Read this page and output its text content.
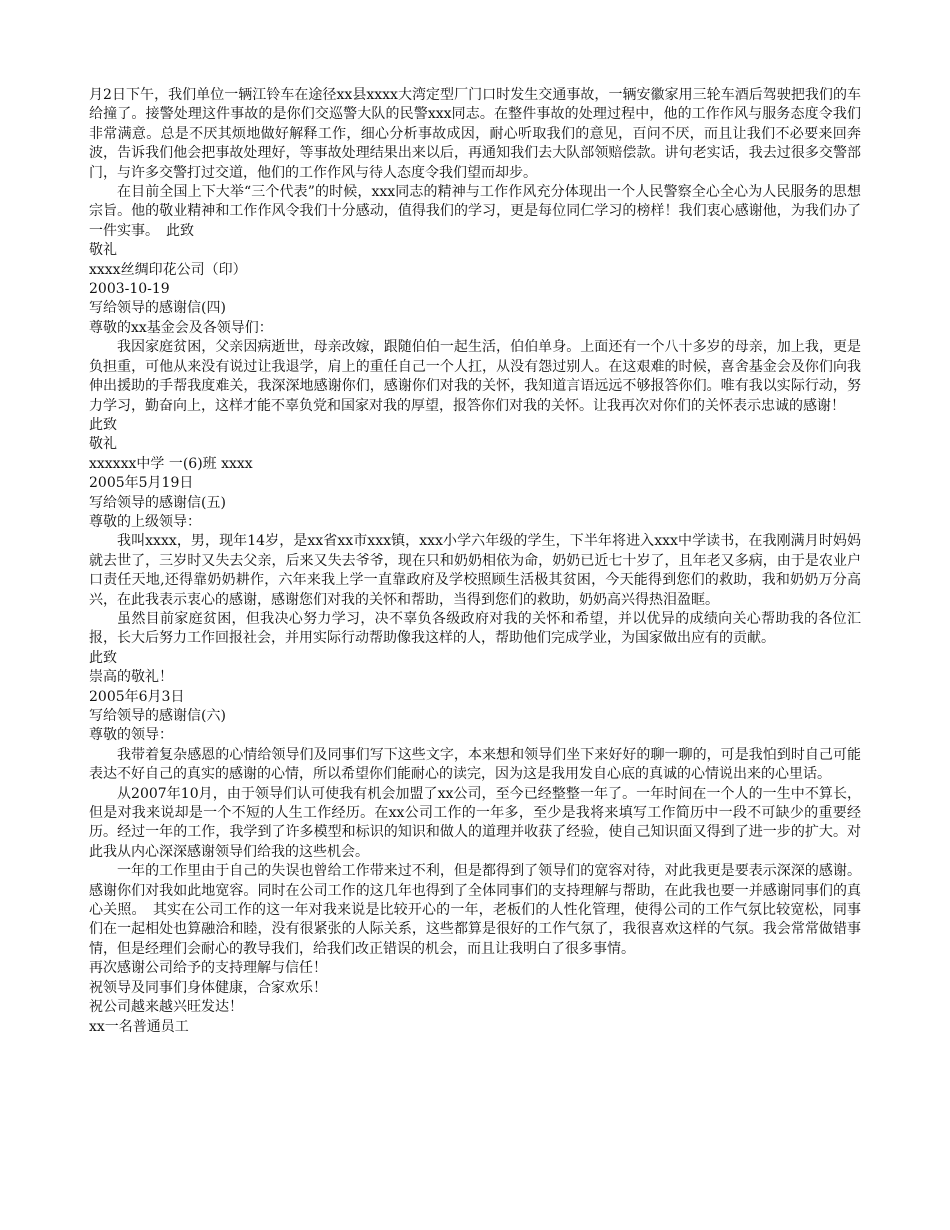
月2日下午，我们单位一辆江铃车在途径xx县xxxx大湾定型厂门口时发生交通事故，一辆安徽家用三轮车酒后驾驶把我们的车给撞了。接警处理这件事故的是你们交巡警大队的民警xxx同志。在整件事故的处理过程中，他的工作作风与服务态度令我们非常满意。总是不厌其烦地做好解释工作，细心分析事故成因，耐心听取我们的意见，百问不厌，而且让我们不必要来回奔波，告诉我们他会把事故处理好，等事故处理结果出来以后，再通知我们去大队部领赔偿款。讲句老实话，我去过很多交警部门，与许多交警打过交道，他们的工作作风与待人态度令我们望而却步。

在目前全国上下大举“三个代表”的时候，xxx同志的精神与工作作风充分体现出一个人民警察全心全心为人民服务的思想宗旨。他的敬业精神和工作作风令我们十分感动，值得我们的学习，更是每位同仁学习的榜样！我们衷心感谢他，为我们办了一件实事。　此致

敬礼

xxxx丝绸印花公司（印）

2003-10-19

写给领导的感谢信(四)

尊敬的xx基金会及各领导们：

我因家庭贫困，父亲因病逝世，母亲改嫁，跟随伯伯一起生活，伯伯单身。上面还有一个八十多岁的母亲，加上我，更是负担重，可他从来没有说过让我退学，肩上的重任自己一个人扛，从没有怨过别人。在这艰难的时候，喜舍基金会及你们向我伸出援助的手帮我度难关，我深深地感谢你们，感谢你们对我的关怀，我知道言语远远不够报答你们。唯有我以实际行动，努力学习，勤奋向上，这样才能不辜负党和国家对我的厚望，报答你们对我的关怀。让我再次对你们的关怀表示忠诚的感谢！

此致

敬礼

xxxxxx中学 一(6)班 xxxx

2005年5月19日

写给领导的感谢信(五)

尊敬的上级领导：

我叫xxxx，男，现年14岁，是xx省xx市xxx镇，xxx小学六年级的学生，下半年将进入xxx中学读书，在我刚满月时妈妈就去世了，三岁时又失去父亲，后来又失去爷爷，现在只和奶奶相依为命，奶奶已近七十岁了，且年老又多病，由于是农业户口责任天地,还得靠奶奶耕作，六年来我上学一直靠政府及学校照顾生活极其贫困，今天能得到您们的救助，我和奶奶万分高兴，在此我表示衷心的感谢，感谢您们对我的关怀和帮助，当得到您们的救助，奶奶高兴得热泪盈眶。

虽然目前家庭贫困，但我决心努力学习，决不辜负各级政府对我的关怀和希望，并以优异的成绩向关心帮助我的各位汇报，长大后努力工作回报社会，并用实际行动帮助像我这样的人，帮助他们完成学业，为国家做出应有的贡献。

此致

崇高的敬礼！

2005年6月3日

写给领导的感谢信(六)

尊敬的领导：

我带着复杂感恩的心情给领导们及同事们写下这些文字，本来想和领导们坐下来好好的聊一聊的，可是我怕到时自己可能表达不好自己的真实的感谢的心情，所以希望你们能耐心的读完，因为这是我用发自心底的真诚的心情说出来的心里话。

从2007年10月，由于领导们认可使我有机会加盟了xx公司，至今已经整整一年了。一年时间在一个人的一生中不算长，但是对我来说却是一个不短的人生工作经历。在xx公司工作的一年多，至少是我将来填写工作简历中一段不可缺少的重要经历。经过一年的工作，我学到了许多模型和标识的知识和做人的道理并收获了经验，使自己知识面又得到了进一步的扩大。对此我从内心深深感谢领导们给我的这些机会。

一年的工作里由于自己的失误也曾给工作带来过不利，但是都得到了领导们的宽容对待，对此我更是要表示深深的感谢。感谢你们对我如此地宽容。同时在公司工作的这几年也得到了全体同事们的支持理解与帮助，在此我也要一并感谢同事们的真心关照。　其实在公司工作的这一年对我来说是比较开心的一年，老板们的人性化管理，使得公司的工作气氛比较宽松，同事们在一起相处也算融洽和睦，没有很紧张的人际关系，这些都算是很好的工作气氛了，我很喜欢这样的气氛。我会常常做错事情，但是经理们会耐心的教导我们，给我们改正错误的机会，而且让我明白了很多事情。

再次感谢公司给予的支持理解与信任！

祝领导及同事们身体健康，合家欢乐！

祝公司越来越兴旺发达！

xx一名普通员工
